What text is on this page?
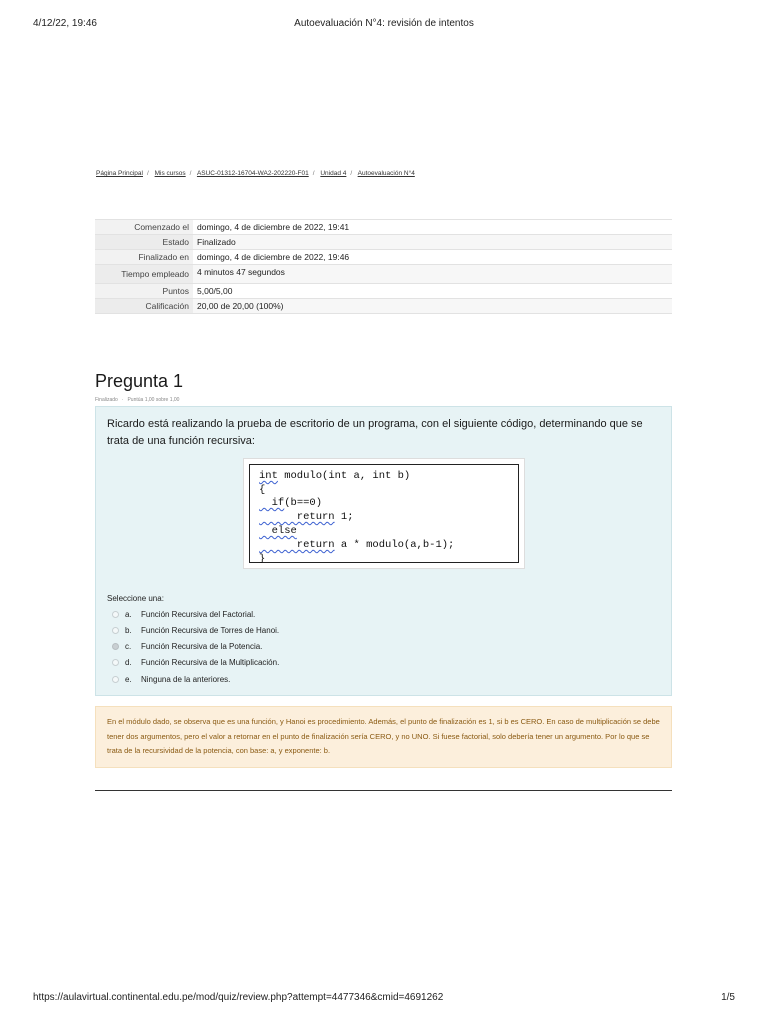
4/12/22, 19:46	Autoevaluación N°4: revisión de intentos
Página Principal / Mis cursos / ASUC-01312-16704-WA2-202220-F01 / Unidad 4 / Autoevaluación N°4
Comenzado el	domingo, 4 de diciembre de 2022, 19:41
Estado	Finalizado
Finalizado en	domingo, 4 de diciembre de 2022, 19:46
Tiempo empleado	4 minutos 47 segundos
Puntos	5,00/5,00
Calificación	20,00 de 20,00 (100%)
Pregunta 1
Finalizado · Puntúa 1,00 sobre 1,00
Ricardo está realizando la prueba de escritorio de un programa, con el siguiente código, determinando que se trata de una función recursiva:
int modulo(int a, int b)
{
if(b==0)
return 1;
else
return a * modulo(a,b-1);
}
Seleccione una:
a. Función Recursiva del Factorial.
b. Función Recursiva de Torres de Hanoi.
c. Función Recursiva de la Potencia.
d. Función Recursiva de la Multiplicación.
e. Ninguna de la anteriores.
En el módulo dado, se observa que es una función, y Hanoi es procedimiento. Además, el punto de finalización es 1, si b es CERO. En caso de multiplicación se debe tener dos argumentos, pero el valor a retornar en el punto de finalización sería CERO, y no UNO. Si fuese factorial, solo debería tener un argumento. Por lo que se trata de la recursividad de la potencia, con base: a, y exponente: b.
https://aulavirtual.continental.edu.pe/mod/quiz/review.php?attempt=4477346&cmid=4691262	1/5
